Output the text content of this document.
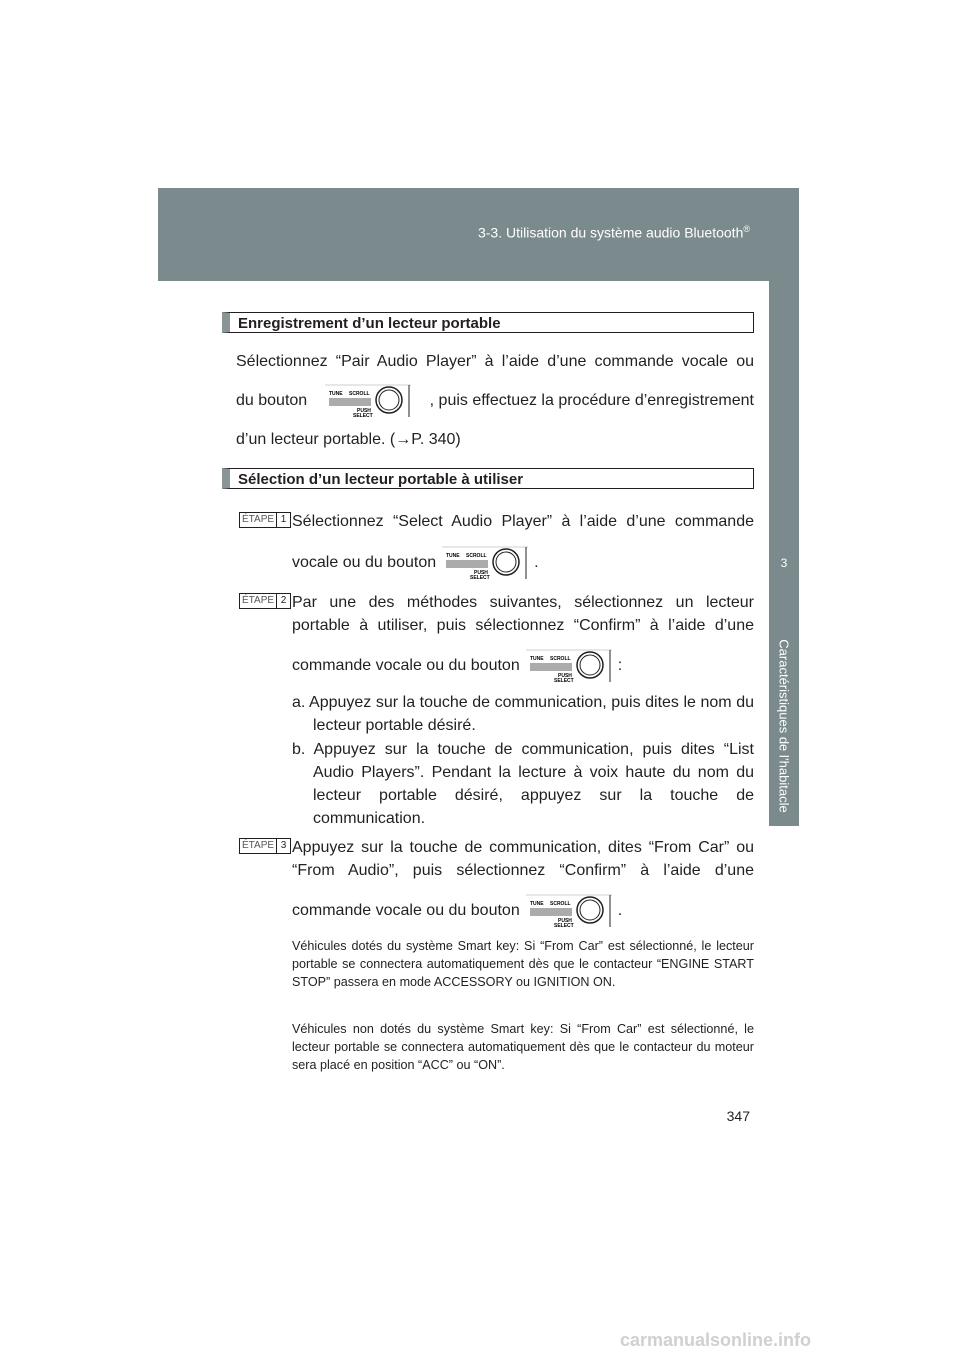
3-3. Utilisation du système audio Bluetooth®
3
Caractéristiques de l’habitacle
Enregistrement d’un lecteur portable
Sélectionnez “Pair Audio Player” à l’aide d’une commande vocale ou
du bouton	TUNE SCROLL
PUSH
SELECT
, puis effectuez la procédure d’enregistrement
d’un lecteur portable. (→P. 340)
Sélection d’un lecteur portable à utiliser
ÉTAPE 1 Sélectionnez “Select Audio Player” à l’aide d’une commande
vocale ou du bouton TUNE SCROLL
PUSH
SELECT
.
ÉTAPE 2 Par une des méthodes suivantes, sélectionnez un lecteur
portable à utiliser, puis sélectionnez “Confirm” à l’aide d’une
commande vocale ou du bouton TUNE SCROLL
PUSH
SELECT
:
a. Appuyez sur la touche de communication, puis dites le nom du lecteur portable désiré.
b. Appuyez sur la touche de communication, puis dites “List Audio Players”. Pendant la lecture à voix haute du nom du lecteur portable désiré, appuyez sur la touche de communication.
ÉTAPE 3 Appuyez sur la touche de communication, dites “From Car” ou
“From Audio”, puis sélectionnez “Confirm” à l’aide d’une
commande vocale ou du bouton TUNE SCROLL
PUSH
SELECT
.
Véhicules dotés du système Smart key: Si “From Car” est sélectionné, le lecteur portable se connectera automatiquement dès que le contacteur “ENGINE START STOP” passera en mode ACCESSORY ou IGNITION ON.
Véhicules non dotés du système Smart key: Si “From Car” est sélectionné, le lecteur portable se connectera automatiquement dès que le contacteur du moteur sera placé en position “ACC” ou “ON”.
347
carmanualsonline.info
